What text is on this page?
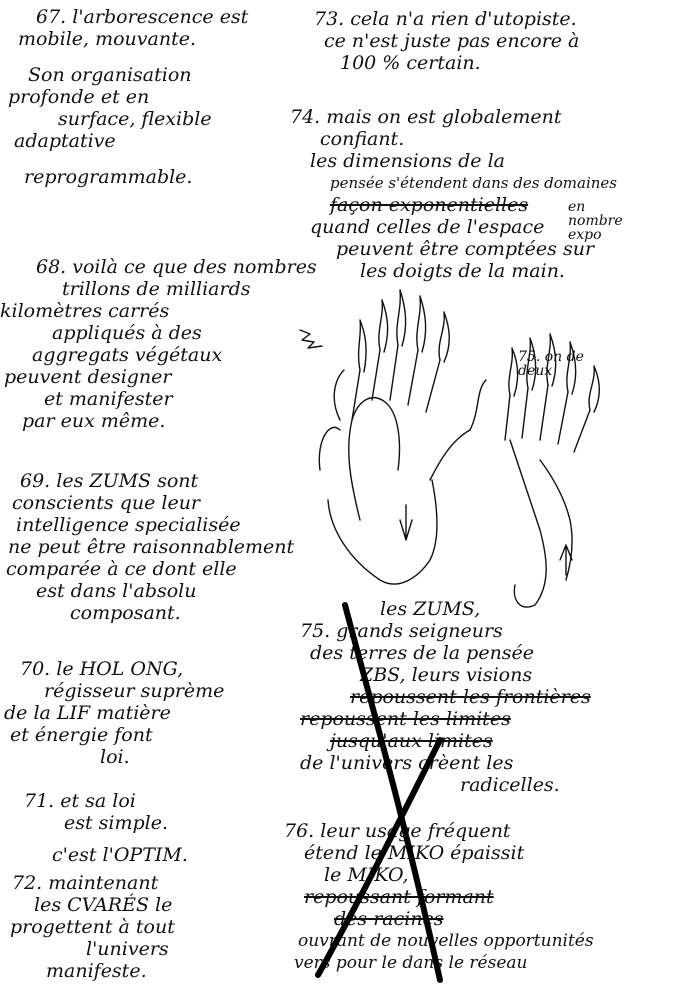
67. l'arborescence est
mobile, mouvante.
Son organisation
profonde et en
surface, flexible
adaptative
reprogrammable.
68. voilà ce que des nombres
trillons de milliards
kilomètres carrés
appliqués à des
aggregats végétaux
peuvent designer
et manifester
par eux même.
69. les ZUMS sont
conscients que leur
intelligence specialisée
ne peut être raisonnablement
comparée à ce dont elle
est dans l'absolu
composant.
70. le HOL ONG,
régisseur suprème
de la LIF matière
et énergie font
loi.
71. et sa loi
est simple.
c'est l'OPTIM.
72. maintenant
les CVARÉS le
progettent à tout
l'univers
manifeste.
73. cela n'a rien d'utopiste.
ce n'est juste pas encore à
100 % certain.
74. mais on est globalement
confiant.
les dimensions de la
pensée s'étendent dans des domaines
façon exponentielles
quand celles de l'espace
peuvent être comptées sur
les doigts de la main.
en nombre expo
75. on de deux
les ZUMS,
75. grands seigneurs
des terres de la pensée
ZBS, leurs visions
repoussent les frontières
repoussent les limites
jusqu'aux limites
de l'univers crèent les
radicelles.
76. leur usage fréquent
étend le MIKO épaissit
le MIKO,
repoussant formant
des racines
ouvrant de nouvelles opportunités
vers pour le dans le réseau
